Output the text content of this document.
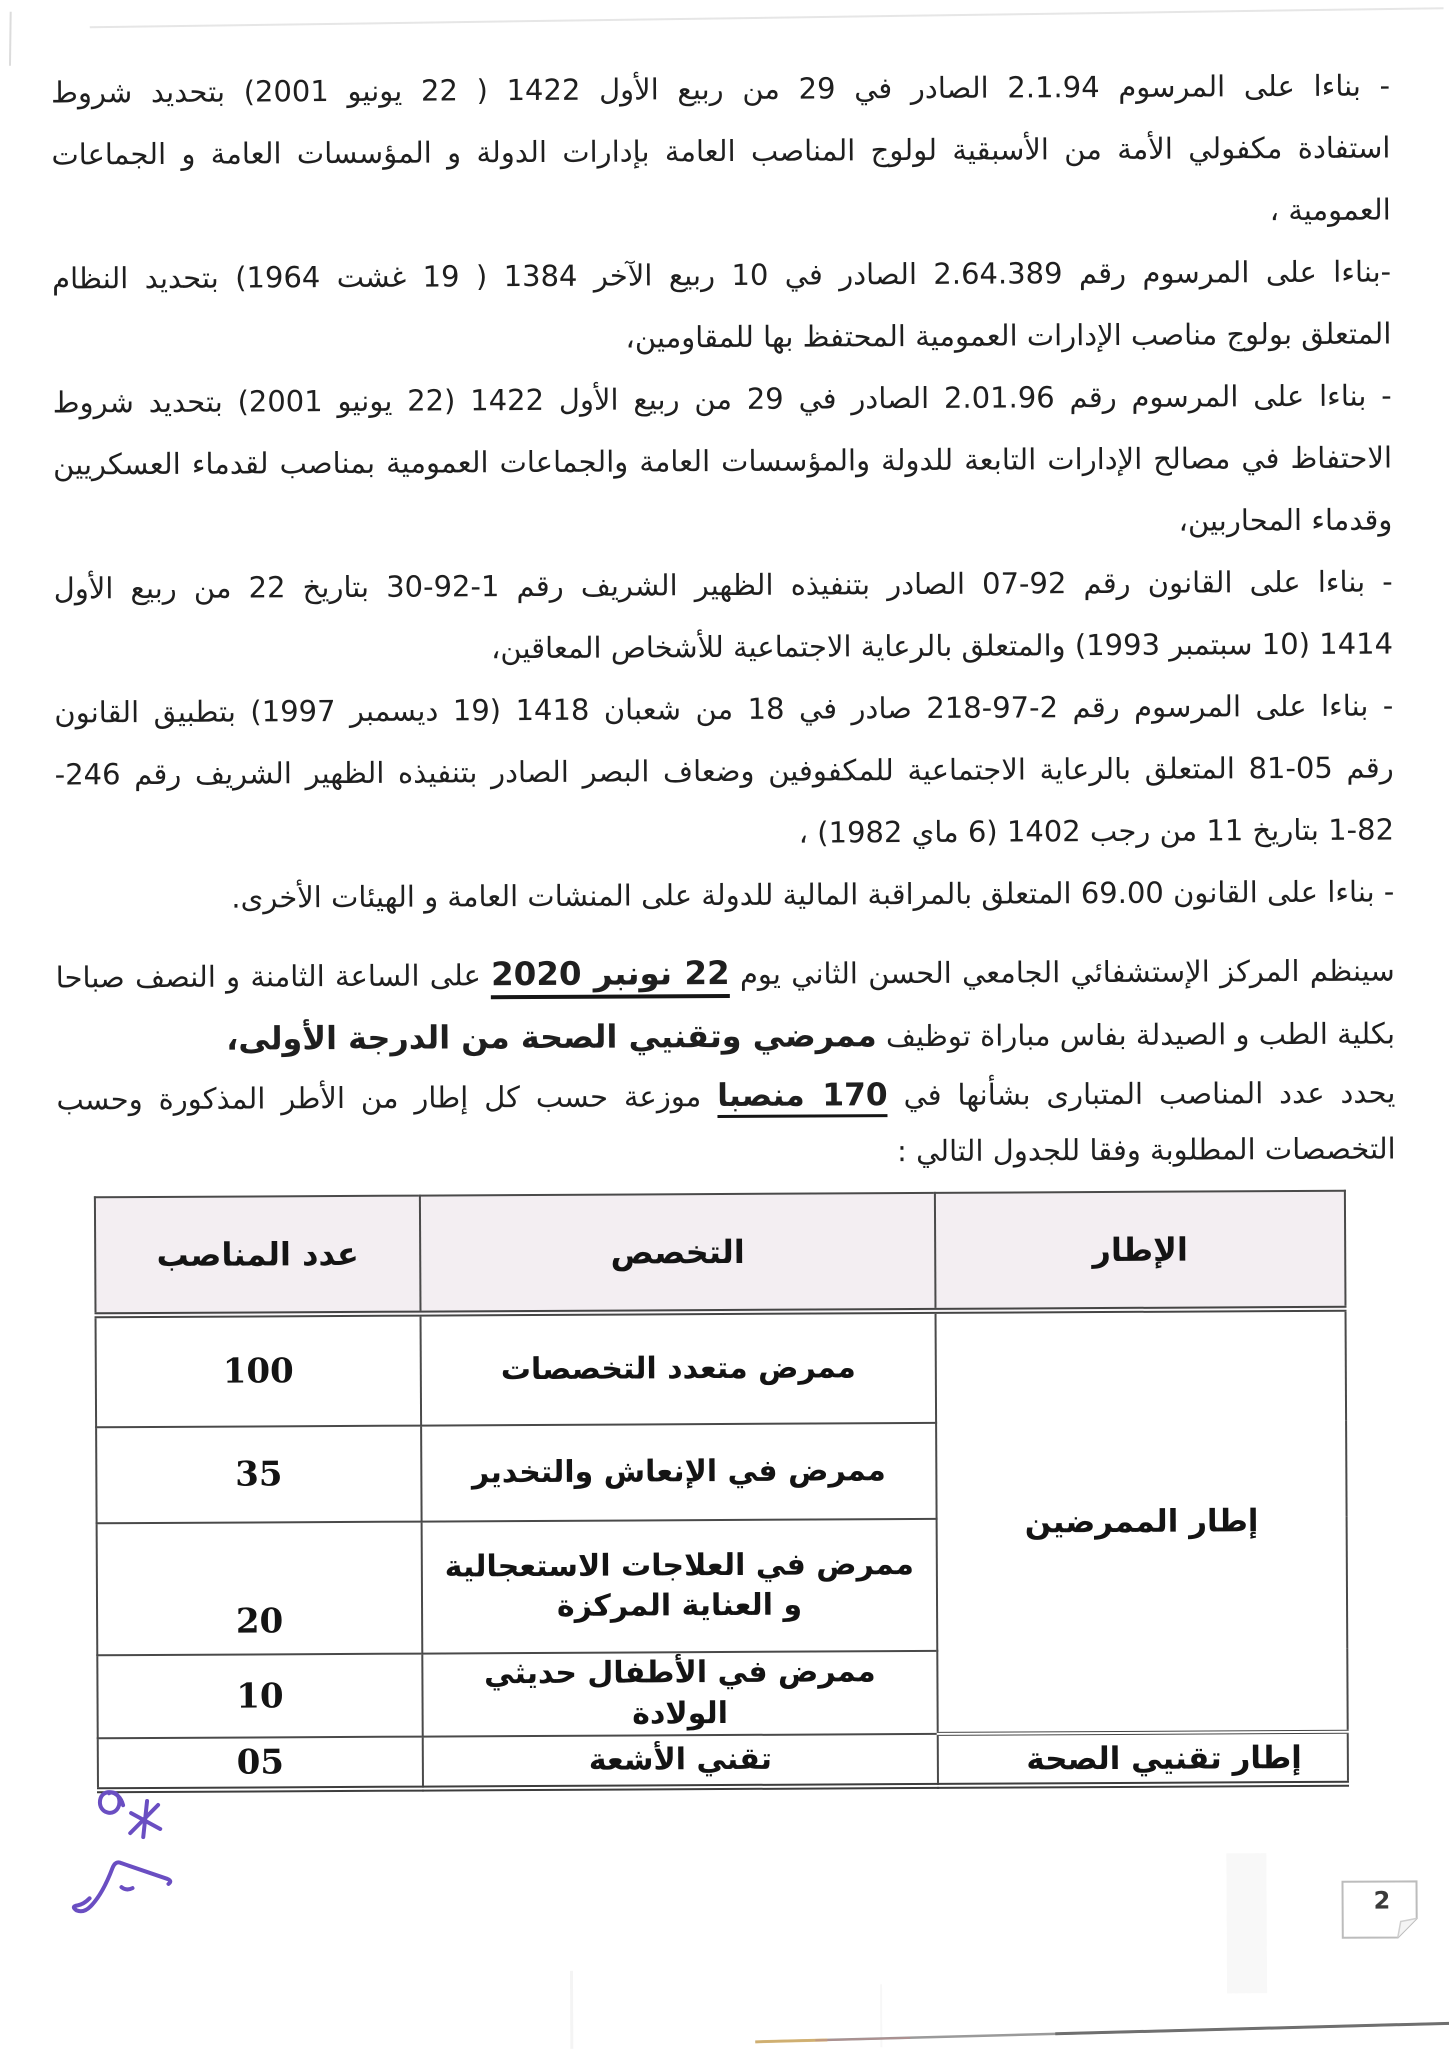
- بناءا على المرسوم 2.1.94 الصادر في 29 من ربيع الأول 1422 ( 22 يونيو 2001) بتحديد شروط
استفادة مكفولي الأمة من الأسبقية لولوج المناصب العامة بإدارات الدولة و المؤسسات العامة و الجماعات
العمومية ،
-بناءا على المرسوم رقم 2.64.389 الصادر في 10 ربيع الآخر 1384 ( 19 غشت 1964) بتحديد النظام
المتعلق بولوج مناصب الإدارات العمومية المحتفظ بها للمقاومين،
- بناءا على المرسوم رقم 2.01.96 الصادر في 29 من ربيع الأول 1422 (22 يونيو 2001) بتحديد شروط
الاحتفاظ في مصالح الإدارات التابعة للدولة والمؤسسات العامة والجماعات العمومية بمناصب لقدماء العسكريين
وقدماء المحاربين،
- بناءا على القانون رقم 92-07 الصادر بتنفيذه الظهير الشريف رقم 1-92-30 بتاريخ 22 من ربيع الأول
1414 (10 سبتمبر 1993) والمتعلق بالرعاية الاجتماعية للأشخاص المعاقين،
- بناءا على المرسوم رقم 2-97-218 صادر في 18 من شعبان 1418 (19 ديسمبر 1997) بتطبيق القانون
رقم 05-81 المتعلق بالرعاية الاجتماعية للمكفوفين وضعاف البصر الصادر بتنفيذه الظهير الشريف رقم 246-
1-82 بتاريخ 11 من رجب 1402 (6 ماي 1982) ،
- بناءا على القانون 69.00 المتعلق بالمراقبة المالية للدولة على المنشات العامة و الهيئات الأخرى.
سينظم المركز الإستشفائي الجامعي الحسن الثاني يوم 22 نونبر 2020 على الساعة الثامنة و النصف صباحا
بكلية الطب و الصيدلة بفاس مباراة توظيف ممرضي وتقنيي الصحة من الدرجة الأولى،
يحدد عدد المناصب المتبارى بشأنها في 170 منصبا موزعة حسب كل إطار من الأطر المذكورة وحسب
التخصصات المطلوبة وفقا للجدول التالي :
الإطار	التخصص	عدد المناصب
إطار الممرضين	ممرض متعدد التخصصات	100
	ممرض في الإنعاش والتخدير	35
	ممرض في العلاجات الاستعجالية و العناية المركزة	20
	ممرض في الأطفال حديثي الولادة	10
إطار تقنيي الصحة	تقني الأشعة	05
2
